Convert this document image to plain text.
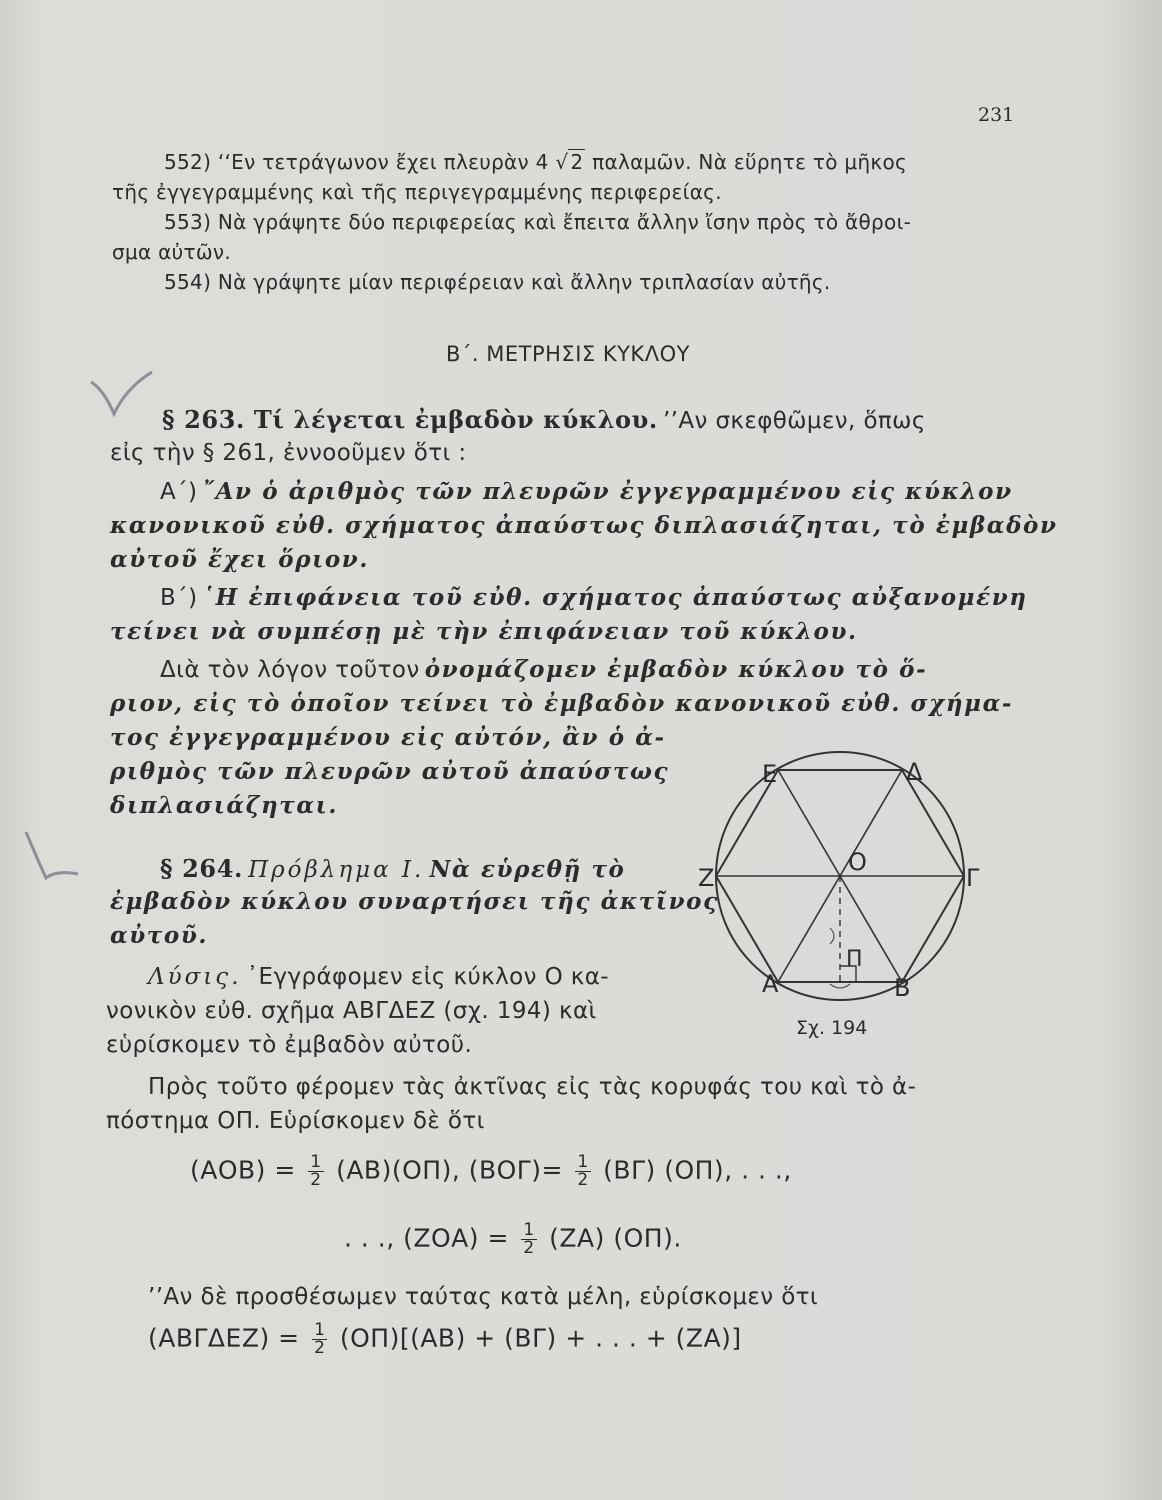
231
552) ‘‘Εν τετράγωνον ἔχει πλευρὰν 4 √ 2 παλαμῶν. Νὰ εὕρητε τὸ μῆκος
τῆς ἐγγεγραμμένης καὶ τῆς περιγεγραμμένης περιφερείας.
553) Νὰ γράψητε δύο περιφερείας καὶ ἔπειτα ἄλλην ἴσην πρὸς τὸ ἄθροι-
σμα αὐτῶν.
554) Νὰ γράψητε μίαν περιφέρειαν καὶ ἄλλην τριπλασίαν αὐτῆς.
Β΄. ΜΕΤΡΗΣΙΣ ΚΥΚΛΟΥ
§ 263. Τί λέγεται ἐμβαδὸν κύκλου. ’’Αν σκεφθῶμεν, ὅπως
εἰς τὴν § 261, ἐννοοῦμεν ὅτι :
Α΄) ῎Αν ὁ ἀριθμὸς τῶν πλευρῶν ἐγγεγραμμένου εἰς κύκλον
κανονικοῦ εὐθ. σχήματος ἀπαύστως διπλασιάζηται, τὸ ἐμβαδὸν
αὐτοῦ ἔχει ὅριον.
Β΄) ῾Η ἐπιφάνεια τοῦ εὐθ. σχήματος ἀπαύστως αὐξανομένη
τείνει νὰ συμπέσῃ μὲ τὴν ἐπιφάνειαν τοῦ κύκλου.
Διὰ τὸν λόγον τοῦτον ὀνομάζομεν ἐμβαδὸν κύκλου τὸ ὅ-
ριον, εἰς τὸ ὁποῖον τείνει τὸ ἐμβαδὸν κανονικοῦ εὐθ. σχήμα-
τος ἐγγεγραμμένου εἰς αὐτόν, ἂν ὁ ἀ-
ριθμὸς τῶν πλευρῶν αὐτοῦ ἀπαύστως
διπλασιάζηται.
§ 264. Πρόβλημα Ι. Νὰ εὑρεθῇ τὸ
ἐμβαδὸν κύκλου συναρτήσει τῆς ἀκτῖνος
αὐτοῦ.
Λύσις. ᾿Εγγράφομεν εἰς κύκλον Ο κα-
νονικὸν εὐθ. σχῆμα ΑΒΓΔΕΖ (σχ. 194) καὶ
εὑρίσκομεν τὸ ἐμβαδὸν αὐτοῦ.
Πρὸς τοῦτο φέρομεν τὰς ἀκτῖνας εἰς τὰς κορυφάς του καὶ τὸ ἀ-
πόστημα ΟΠ. Εὑρίσκομεν δὲ ὅτι
$(AOB) = \frac{1}{2} (AB)(O\Pi)$, $(BO\Gamma)= \frac{1}{2} (B\Gamma)$ (ΟΠ), . . .,
. . ., $(ZOA) = \frac{1}{2} (ZA)$ (ΟΠ).
’’Αν δὲ προσθέσωμεν ταύτας κατὰ μέλη, εὑρίσκομεν ὅτι
$(AB\Gamma\Delta EZ) = \frac{1}{2} (O\Pi)[(AB) + (B\Gamma)$ + . . . + (ΖΑ)]
Ε	Δ
Ζ	Γ
Ο
Π
Α	Β
Σχ. 194
